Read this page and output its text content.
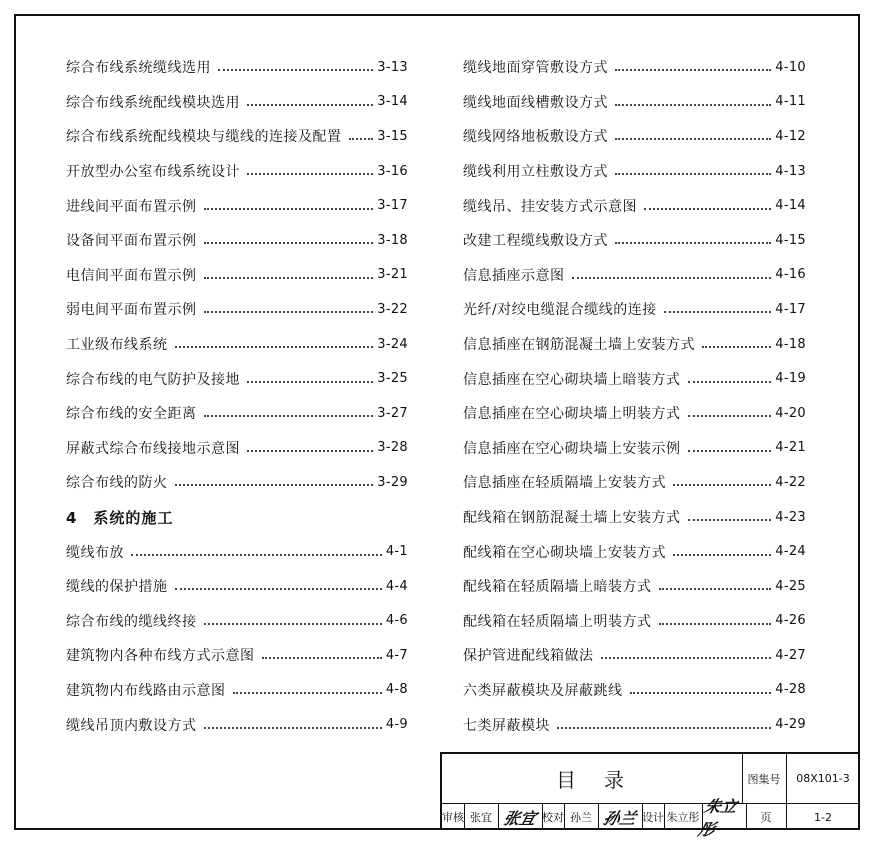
综合布线系统缆线选用	3-13
综合布线系统配线模块选用	3-14
综合布线系统配线模块与缆线的连接及配置	3-15
开放型办公室布线系统设计	3-16
进线间平面布置示例	3-17
设备间平面布置示例	3-18
电信间平面布置示例	3-21
弱电间平面布置示例	3-22
工业级布线系统	3-24
综合布线的电气防护及接地	3-25
综合布线的安全距离	3-27
屏蔽式综合布线接地示意图	3-28
综合布线的防火	3-29
4　系统的施工
缆线布放	4-1
缆线的保护措施	4-4
综合布线的缆线终接	4-6
建筑物内各种布线方式示意图	4-7
建筑物内布线路由示意图	4-8
缆线吊顶内敷设方式	4-9
缆线地面穿管敷设方式	4-10
缆线地面线槽敷设方式	4-11
缆线网络地板敷设方式	4-12
缆线利用立柱敷设方式	4-13
缆线吊、挂安装方式示意图	4-14
改建工程缆线敷设方式	4-15
信息插座示意图	4-16
光纤/对绞电缆混合缆线的连接	4-17
信息插座在钢筋混凝土墙上安装方式	4-18
信息插座在空心砌块墙上暗装方式	4-19
信息插座在空心砌块墙上明装方式	4-20
信息插座在空心砌块墙上安装示例	4-21
信息插座在轻质隔墙上安装方式	4-22
配线箱在钢筋混凝土墙上安装方式	4-23
配线箱在空心砌块墙上安装方式	4-24
配线箱在轻质隔墙上暗装方式	4-25
配线箱在轻质隔墙上明装方式	4-26
保护管进配线箱做法	4-27
六类屏蔽模块及屏蔽跳线	4-28
七类屏蔽模块	4-29
目　录	图集号	08X101-3
审核 张宜 张宜 校对 孙兰 孙兰 设计 朱立彤
朱立彤
页	1-2
